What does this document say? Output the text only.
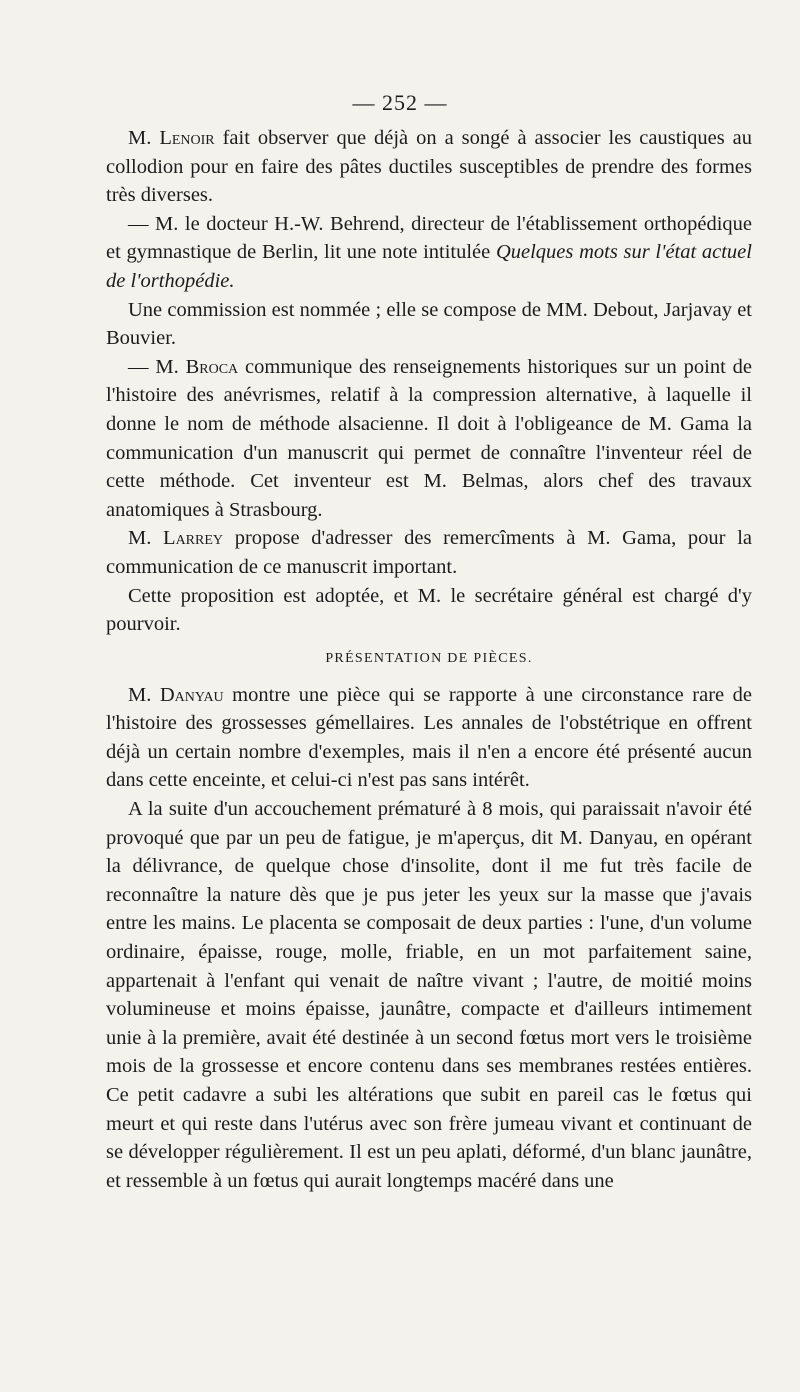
— 252 —

M. Lenoir fait observer que déjà on a songé à associer les caustiques au collodion pour en faire des pâtes ductiles susceptibles de prendre des formes très diverses.

— M. le docteur H.-W. Behrend, directeur de l'établissement orthopédique et gymnastique de Berlin, lit une note intitulée Quelques mots sur l'état actuel de l'orthopédie.

Une commission est nommée ; elle se compose de MM. Debout, Jarjavay et Bouvier.

— M. Broca communique des renseignements historiques sur un point de l'histoire des anévrismes, relatif à la compression alternative, à laquelle il donne le nom de méthode alsacienne. Il doit à l'obligeance de M. Gama la communication d'un manuscrit qui permet de connaître l'inventeur réel de cette méthode. Cet inventeur est M. Belmas, alors chef des travaux anatomiques à Strasbourg.

M. Larrey propose d'adresser des remercîments à M. Gama, pour la communication de ce manuscrit important.

Cette proposition est adoptée, et M. le secrétaire général est chargé d'y pourvoir.

PRÉSENTATION DE PIÈCES.

M. Danyau montre une pièce qui se rapporte à une circonstance rare de l'histoire des grossesses gémellaires. Les annales de l'obstétrique en offrent déjà un certain nombre d'exemples, mais il n'en a encore été présenté aucun dans cette enceinte, et celui-ci n'est pas sans intérêt.

A la suite d'un accouchement prématuré à 8 mois, qui paraissait n'avoir été provoqué que par un peu de fatigue, je m'aperçus, dit M. Danyau, en opérant la délivrance, de quelque chose d'insolite, dont il me fut très facile de reconnaître la nature dès que je pus jeter les yeux sur la masse que j'avais entre les mains. Le placenta se composait de deux parties : l'une, d'un volume ordinaire, épaisse, rouge, molle, friable, en un mot parfaitement saine, appartenait à l'enfant qui venait de naître vivant ; l'autre, de moitié moins volumineuse et moins épaisse, jaunâtre, compacte et d'ailleurs intimement unie à la première, avait été destinée à un second fœtus mort vers le troisième mois de la grossesse et encore contenu dans ses membranes restées entières. Ce petit cadavre a subi les altérations que subit en pareil cas le fœtus qui meurt et qui reste dans l'utérus avec son frère jumeau vivant et continuant de se développer régulièrement. Il est un peu aplati, déformé, d'un blanc jaunâtre, et ressemble à un fœtus qui aurait longtemps macéré dans une
